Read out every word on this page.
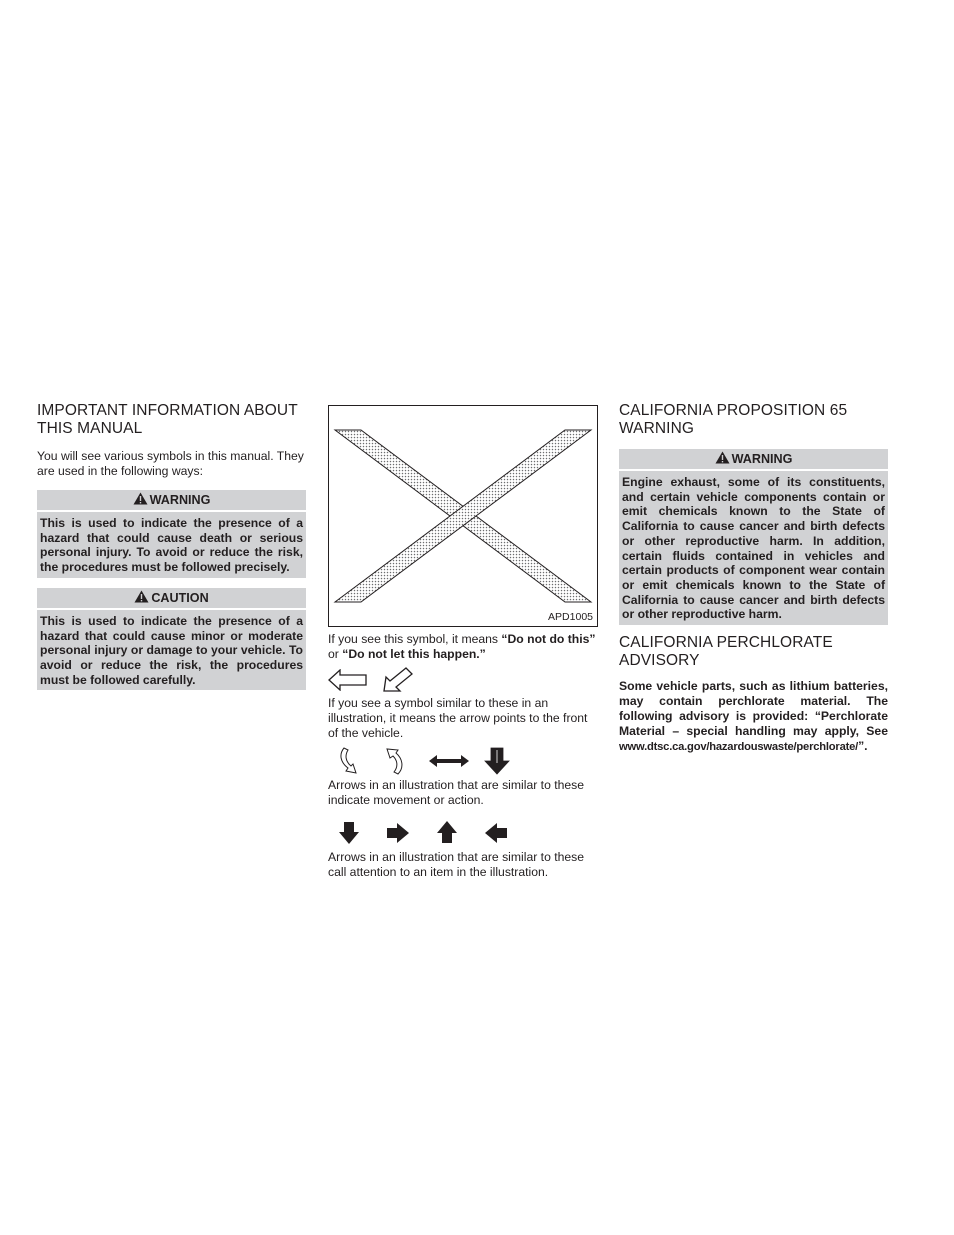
IMPORTANT INFORMATION ABOUT THIS MANUAL

You will see various symbols in this manual. They are used in the following ways:

WARNING
This is used to indicate the presence of a hazard that could cause death or serious personal injury. To avoid or reduce the risk, the procedures must be followed precisely.
CAUTION
This is used to indicate the presence of a hazard that could cause minor or moderate personal injury or damage to your vehicle. To avoid or reduce the risk, the procedures must be followed carefully.
APD1005

If you see this symbol, it means “Do not do this” or “Do not let this happen.”

If you see a symbol similar to these in an illustration, it means the arrow points to the front of the vehicle.

Arrows in an illustration that are similar to these indicate movement or action.

Arrows in an illustration that are similar to these call attention to an item in the illustration.

CALIFORNIA PROPOSITION 65 WARNING
WARNING
Engine exhaust, some of its constituents, and certain vehicle components contain or emit chemicals known to the State of California to cause cancer and birth defects or other reproductive harm. In addition, certain fluids contained in vehicles and certain products of component wear contain or emit chemicals known to the State of California to cause cancer and birth defects or other reproductive harm.
CALIFORNIA PERCHLORATE ADVISORY

Some vehicle parts, such as lithium batteries, may contain perchlorate material. The following advisory is provided: “Perchlorate Material – special handling may apply, See www.dtsc.ca.gov/hazardouswaste/perchlorate/”.
